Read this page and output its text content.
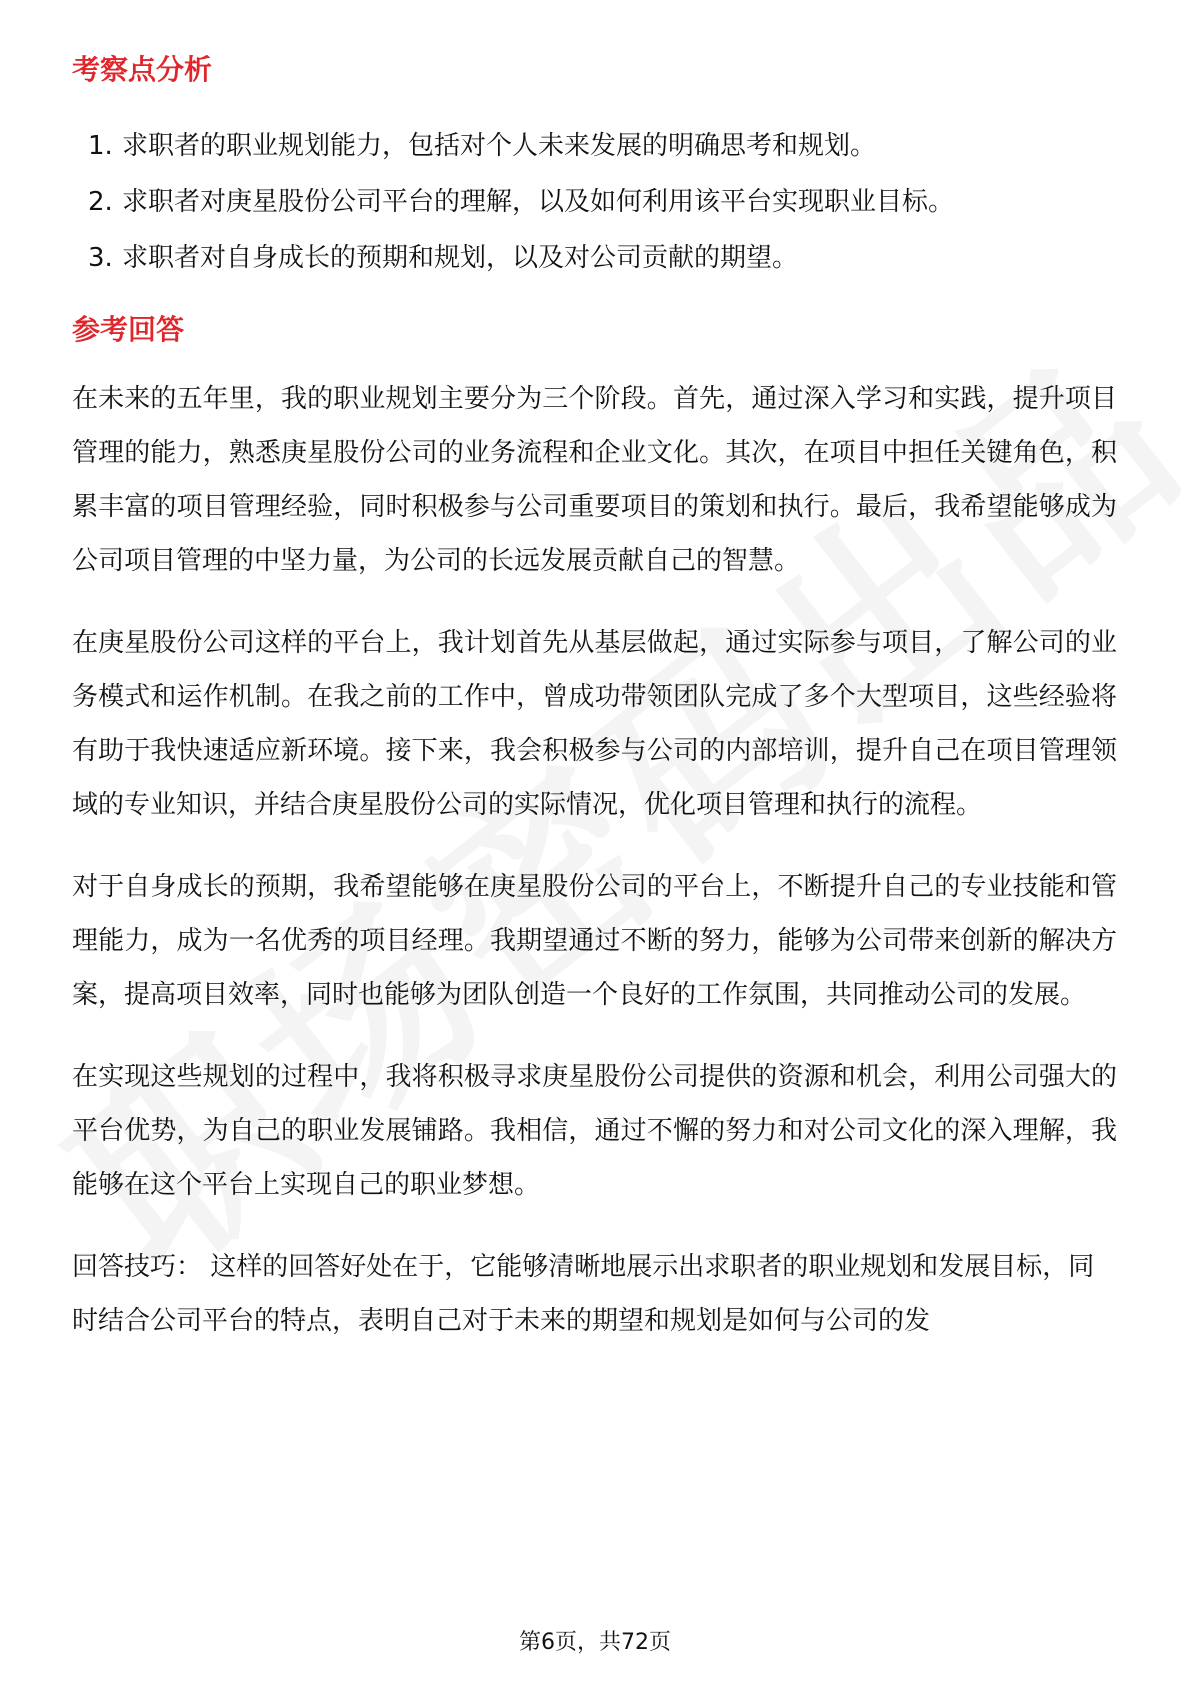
考察点分析
1. 求职者的职业规划能力，包括对个人未来发展的明确思考和规划。
2. 求职者对庚星股份公司平台的理解，以及如何利用该平台实现职业目标。
3. 求职者对自身成长的预期和规划，以及对公司贡献的期望。
参考回答

在未来的五年里，我的职业规划主要分为三个阶段。首先，通过深入学习和实践，提升项目管理的能力，熟悉庚星股份公司的业务流程和企业文化。其次，在项目中担任关键角色，积累丰富的项目管理经验，同时积极参与公司重要项目的策划和执行。最后，我希望能够成为公司项目管理的中坚力量，为公司的长远发展贡献自己的智慧。

在庚星股份公司这样的平台上，我计划首先从基层做起，通过实际参与项目，了解公司的业务模式和运作机制。在我之前的工作中，曾成功带领团队完成了多个大型项目，这些经验将有助于我快速适应新环境。接下来，我会积极参与公司的内部培训，提升自己在项目管理领域的专业知识，并结合庚星股份公司的实际情况，优化项目管理和执行的流程。

对于自身成长的预期，我希望能够在庚星股份公司的平台上，不断提升自己的专业技能和管理能力，成为一名优秀的项目经理。我期望通过不断的努力，能够为公司带来创新的解决方案，提高项目效率，同时也能够为团队创造一个良好的工作氛围，共同推动公司的发展。

在实现这些规划的过程中，我将积极寻求庚星股份公司提供的资源和机会，利用公司强大的平台优势，为自己的职业发展铺路。我相信，通过不懈的努力和对公司文化的深入理解，我能够在这个平台上实现自己的职业梦想。

回答技巧： 这样的回答好处在于，它能够清晰地展示出求职者的职业规划和发展目标，同时结合公司平台的特点，表明自己对于未来的期望和规划是如何与公司的发

第6页，共72页
